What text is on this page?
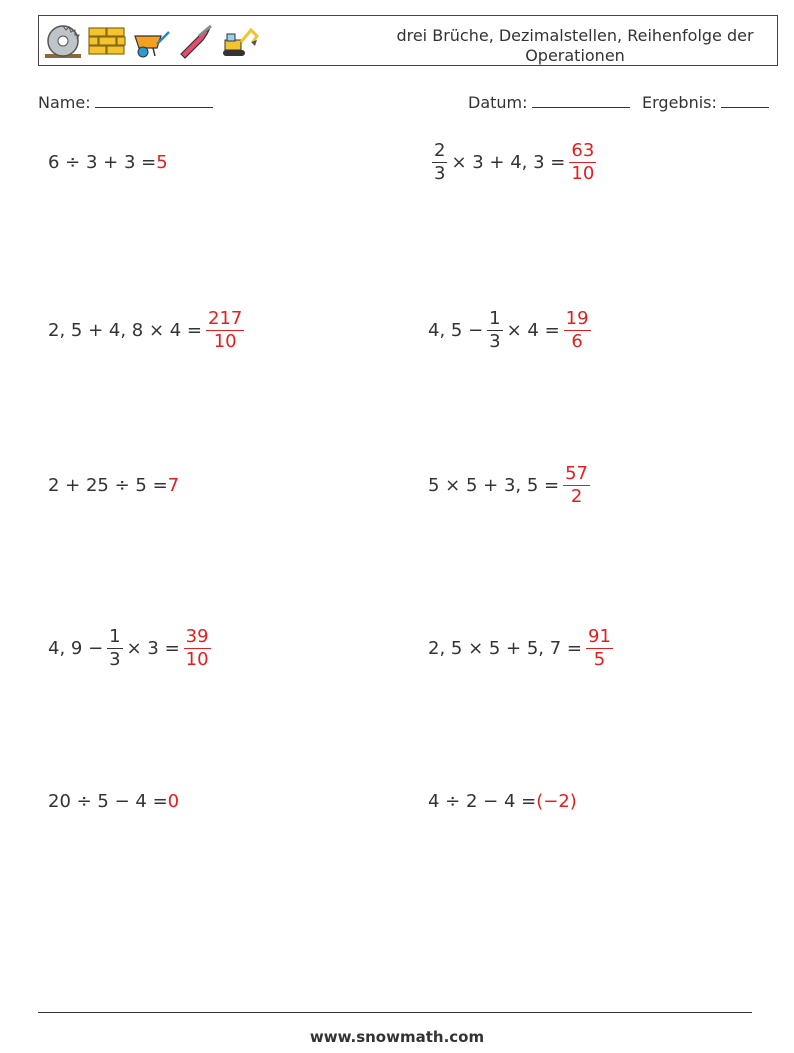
drei Brüche, Dezimalstellen, Reihenfolge der Operationen
Name:	Datum:	Ergebnis:
6 ÷ 3 + 3 = 5	$\frac{2}{3} \times 3 + 4$, $3 = \frac{63}{10}$
2, 5 + 4, $8 \times 4 = \frac{217}{10}$	4, $5 - \frac{1}{3} \times 4 = \frac{19}{6}$
2 + 25 ÷ 5 = 7	5 × 5 + 3, $5 = \frac{57}{2}$
4, $9 - \frac{1}{3} \times 3 = \frac{39}{10}$	2, 5 × 5 + 5, $7 = \frac{91}{5}$
20 ÷ 5 − 4 = 0	4 ÷ 2 − 4 = (−2)
www.snowmath.com
